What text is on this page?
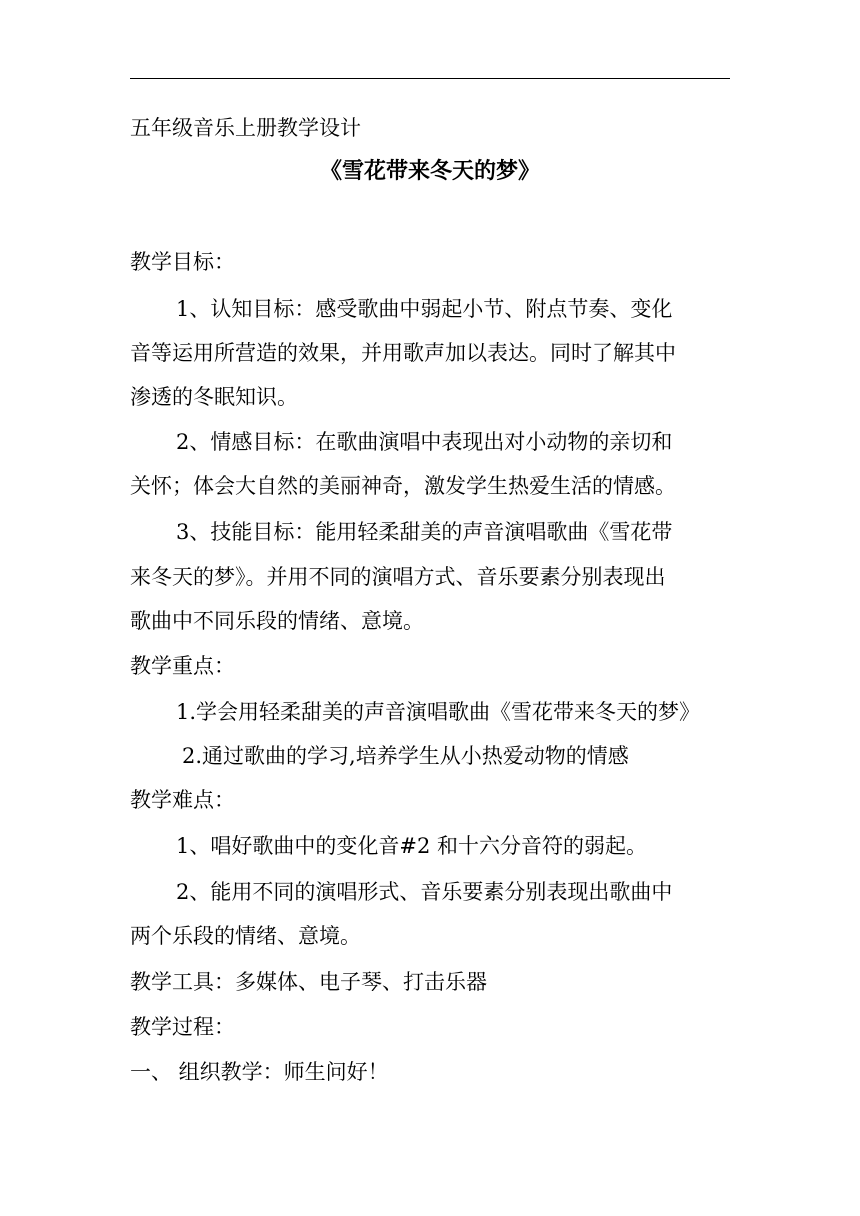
五年级音乐上册教学设计
《雪花带来冬天的梦》
教学目标：
1、认知目标：感受歌曲中弱起小节、附点节奏、变化
音等运用所营造的效果，并用歌声加以表达。同时了解其中
渗透的冬眠知识。
2、情感目标：在歌曲演唱中表现出对小动物的亲切和
关怀；体会大自然的美丽神奇，激发学生热爱生活的情感。
3、技能目标：能用轻柔甜美的声音演唱歌曲《雪花带
来冬天的梦》。并用不同的演唱方式、音乐要素分别表现出
歌曲中不同乐段的情绪、意境。
教学重点：
1.学会用轻柔甜美的声音演唱歌曲《雪花带来冬天的梦》
2.通过歌曲的学习,培养学生从小热爱动物的情感
教学难点：
1、唱好歌曲中的变化音#2 和十六分音符的弱起。
2、能用不同的演唱形式、音乐要素分别表现出歌曲中
两个乐段的情绪、意境。
教学工具：多媒体、电子琴、打击乐器
教学过程：
一、 组织教学：师生问好！
